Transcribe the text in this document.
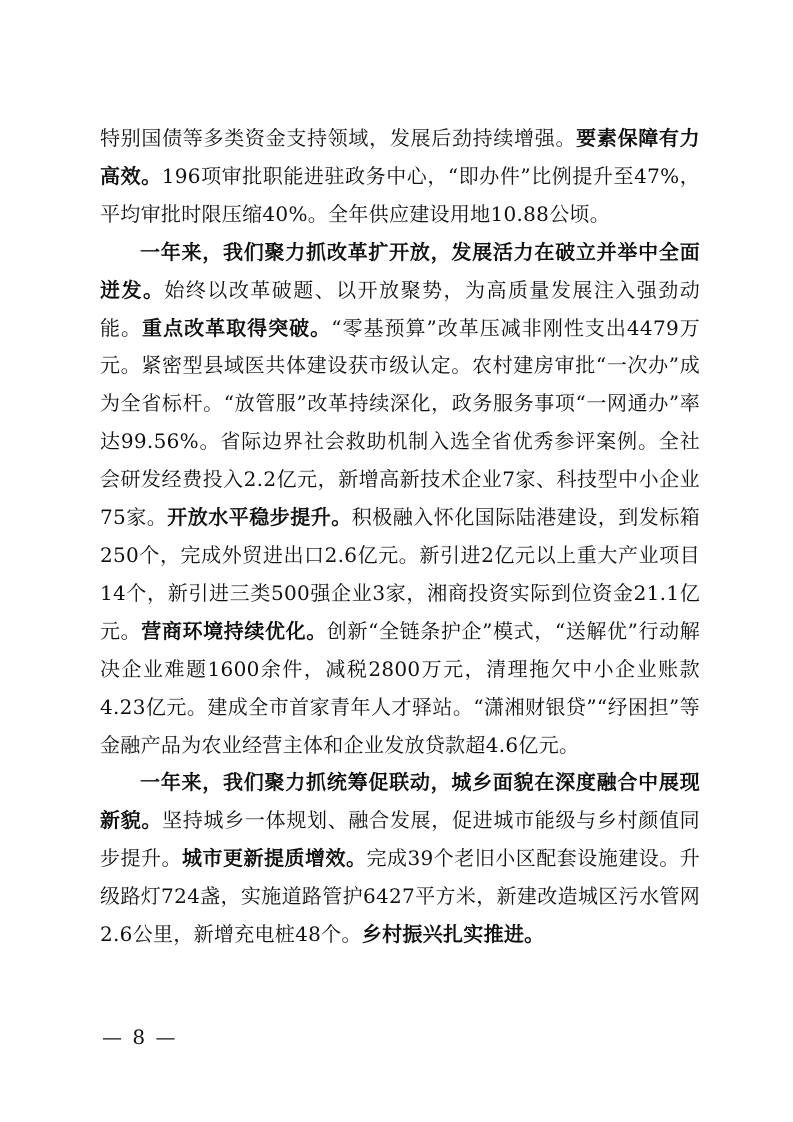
特别国债等多类资金支持领域，发展后劲持续增强。要素保障有力高效。196项审批职能进驻政务中心，“即办件”比例提升至47%，平均审批时限压缩40%。全年供应建设用地10.88公顷。

一年来，我们聚力抓改革扩开放，发展活力在破立并举中全面迸发。始终以改革破题、以开放聚势，为高质量发展注入强劲动能。重点改革取得突破。“零基预算”改革压减非刚性支出4479万元。紧密型县域医共体建设获市级认定。农村建房审批“一次办”成为全省标杆。“放管服”改革持续深化，政务服务事项“一网通办”率达99.56%。省际边界社会救助机制入选全省优秀参评案例。全社会研发经费投入2.2亿元，新增高新技术企业7家、科技型中小企业75家。开放水平稳步提升。积极融入怀化国际陆港建设，到发标箱250个，完成外贸进出口2.6亿元。新引进2亿元以上重大产业项目14个，新引进三类500强企业3家，湘商投资实际到位资金21.1亿元。营商环境持续优化。创新“全链条护企”模式，“送解优”行动解决企业难题1600余件，减税2800万元，清理拖欠中小企业账款4.23亿元。建成全市首家青年人才驿站。“潇湘财银贷”“纾困担”等金融产品为农业经营主体和企业发放贷款超4.6亿元。

一年来，我们聚力抓统筹促联动，城乡面貌在深度融合中展现新貌。坚持城乡一体规划、融合发展，促进城市能级与乡村颜值同步提升。城市更新提质增效。完成39个老旧小区配套设施建设。升级路灯724盏，实施道路管护6427平方米，新建改造城区污水管网2.6公里，新增充电桩48个。乡村振兴扎实推进。

— 8 —
